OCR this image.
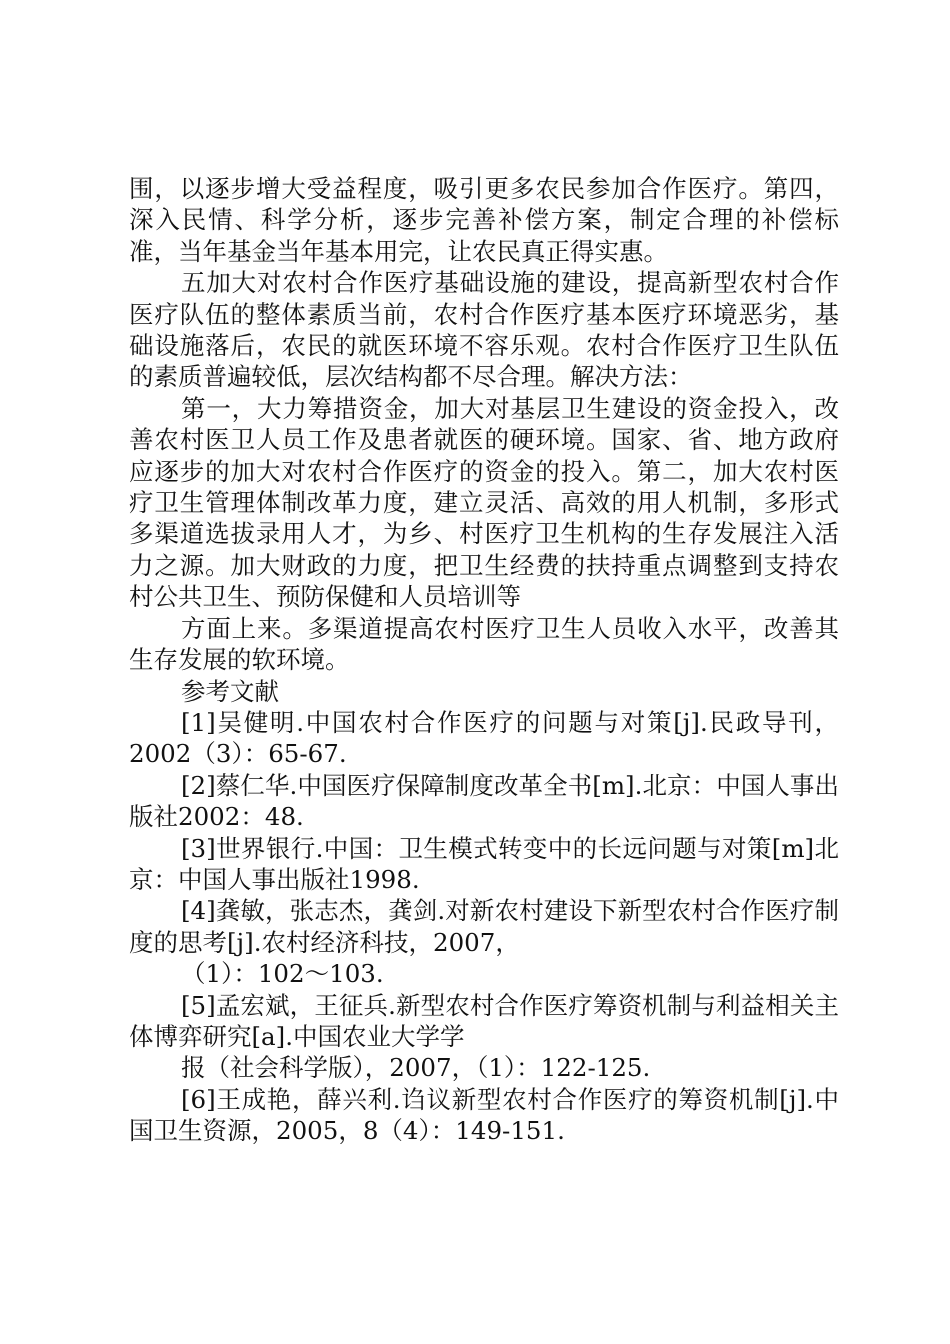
围，以逐步增大受益程度，吸引更多农民参加合作医疗。第四，深入民情、科学分析，逐步完善补偿方案，制定合理的补偿标准，当年基金当年基本用完，让农民真正得实惠。

五加大对农村合作医疗基础设施的建设，提高新型农村合作医疗队伍的整体素质当前，农村合作医疗基本医疗环境恶劣，基础设施落后，农民的就医环境不容乐观。农村合作医疗卫生队伍的素质普遍较低，层次结构都不尽合理。解决方法：

第一，大力筹措资金，加大对基层卫生建设的资金投入，改善农村医卫人员工作及患者就医的硬环境。国家、省、地方政府应逐步的加大对农村合作医疗的资金的投入。第二，加大农村医疗卫生管理体制改革力度，建立灵活、高效的用人机制，多形式多渠道选拔录用人才，为乡、村医疗卫生机构的生存发展注入活力之源。加大财政的力度，把卫生经费的扶持重点调整到支持农村公共卫生、预防保健和人员培训等

方面上来。多渠道提高农村医疗卫生人员收入水平，改善其生存发展的软环境。

参考文献

[1]吴健明.中国农村合作医疗的问题与对策[j].民政导刊，2002（3）：65-67.

[2]蔡仁华.中国医疗保障制度改革全书[m].北京：中国人事出版社2002：48.

[3]世界银行.中国：卫生模式转变中的长远问题与对策[m]北京：中国人事出版社1998.

[4]龚敏，张志杰，龚剑.对新农村建设下新型农村合作医疗制度的思考[j].农村经济科技，2007，

（1）：102～103.

[5]孟宏斌，王征兵.新型农村合作医疗筹资机制与利益相关主体博弈研究[a].中国农业大学学

报（社会科学版），2007，（1）：122-125.

[6]王成艳，薛兴利.诌议新型农村合作医疗的筹资机制[j].中国卫生资源，2005，8（4）：149-151.
